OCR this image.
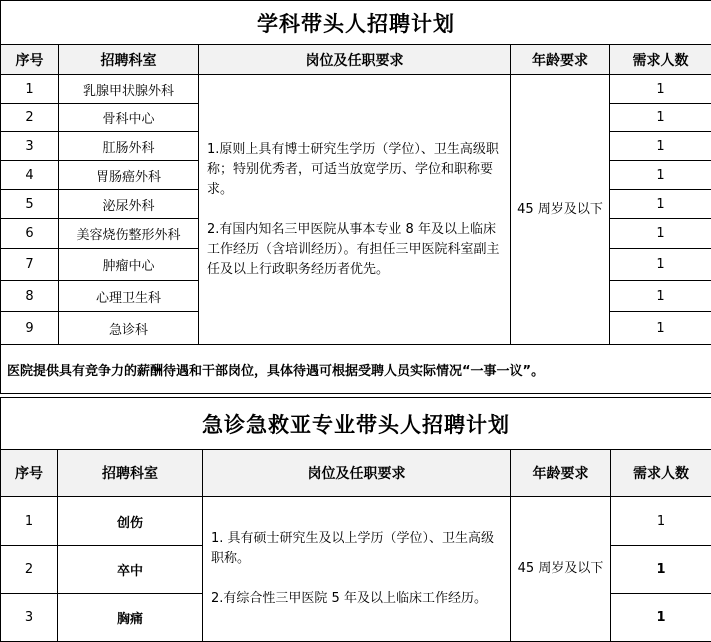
学科带头人招聘计划				
序号	招聘科室	岗位及任职要求	年龄要求	需求人数
1	乳腺甲状腺外科	1.原则上具有博士研究生学历（学位）、卫生高级职称；特别优秀者，可适当放宽学历、学位和职称要求。

2.有国内知名三甲医院从事本专业 8 年及以上临床工作经历（含培训经历）。有担任三甲医院科室副主任及以上行政职务经历者优先。	45 周岁及以下	1
2	骨科中心			1
3	肛肠外科			1
4	胃肠癌外科			1
5	泌尿外科			1
6	美容烧伤整形外科			1
7	肿瘤中心			1
8	心理卫生科			1
9	急诊科			1
医院提供具有竞争力的薪酬待遇和干部岗位，具体待遇可根据受聘人员实际情况“一事一议”。				
急诊急救亚专业带头人招聘计划				
序号	招聘科室	岗位及任职要求	年龄要求	需求人数
1	创伤	1. 具有硕士研究生及以上学历（学位）、卫生高级职称。

2.有综合性三甲医院 5 年及以上临床工作经历。	45 周岁及以下	1
2	卒中			1
3	胸痛			1
